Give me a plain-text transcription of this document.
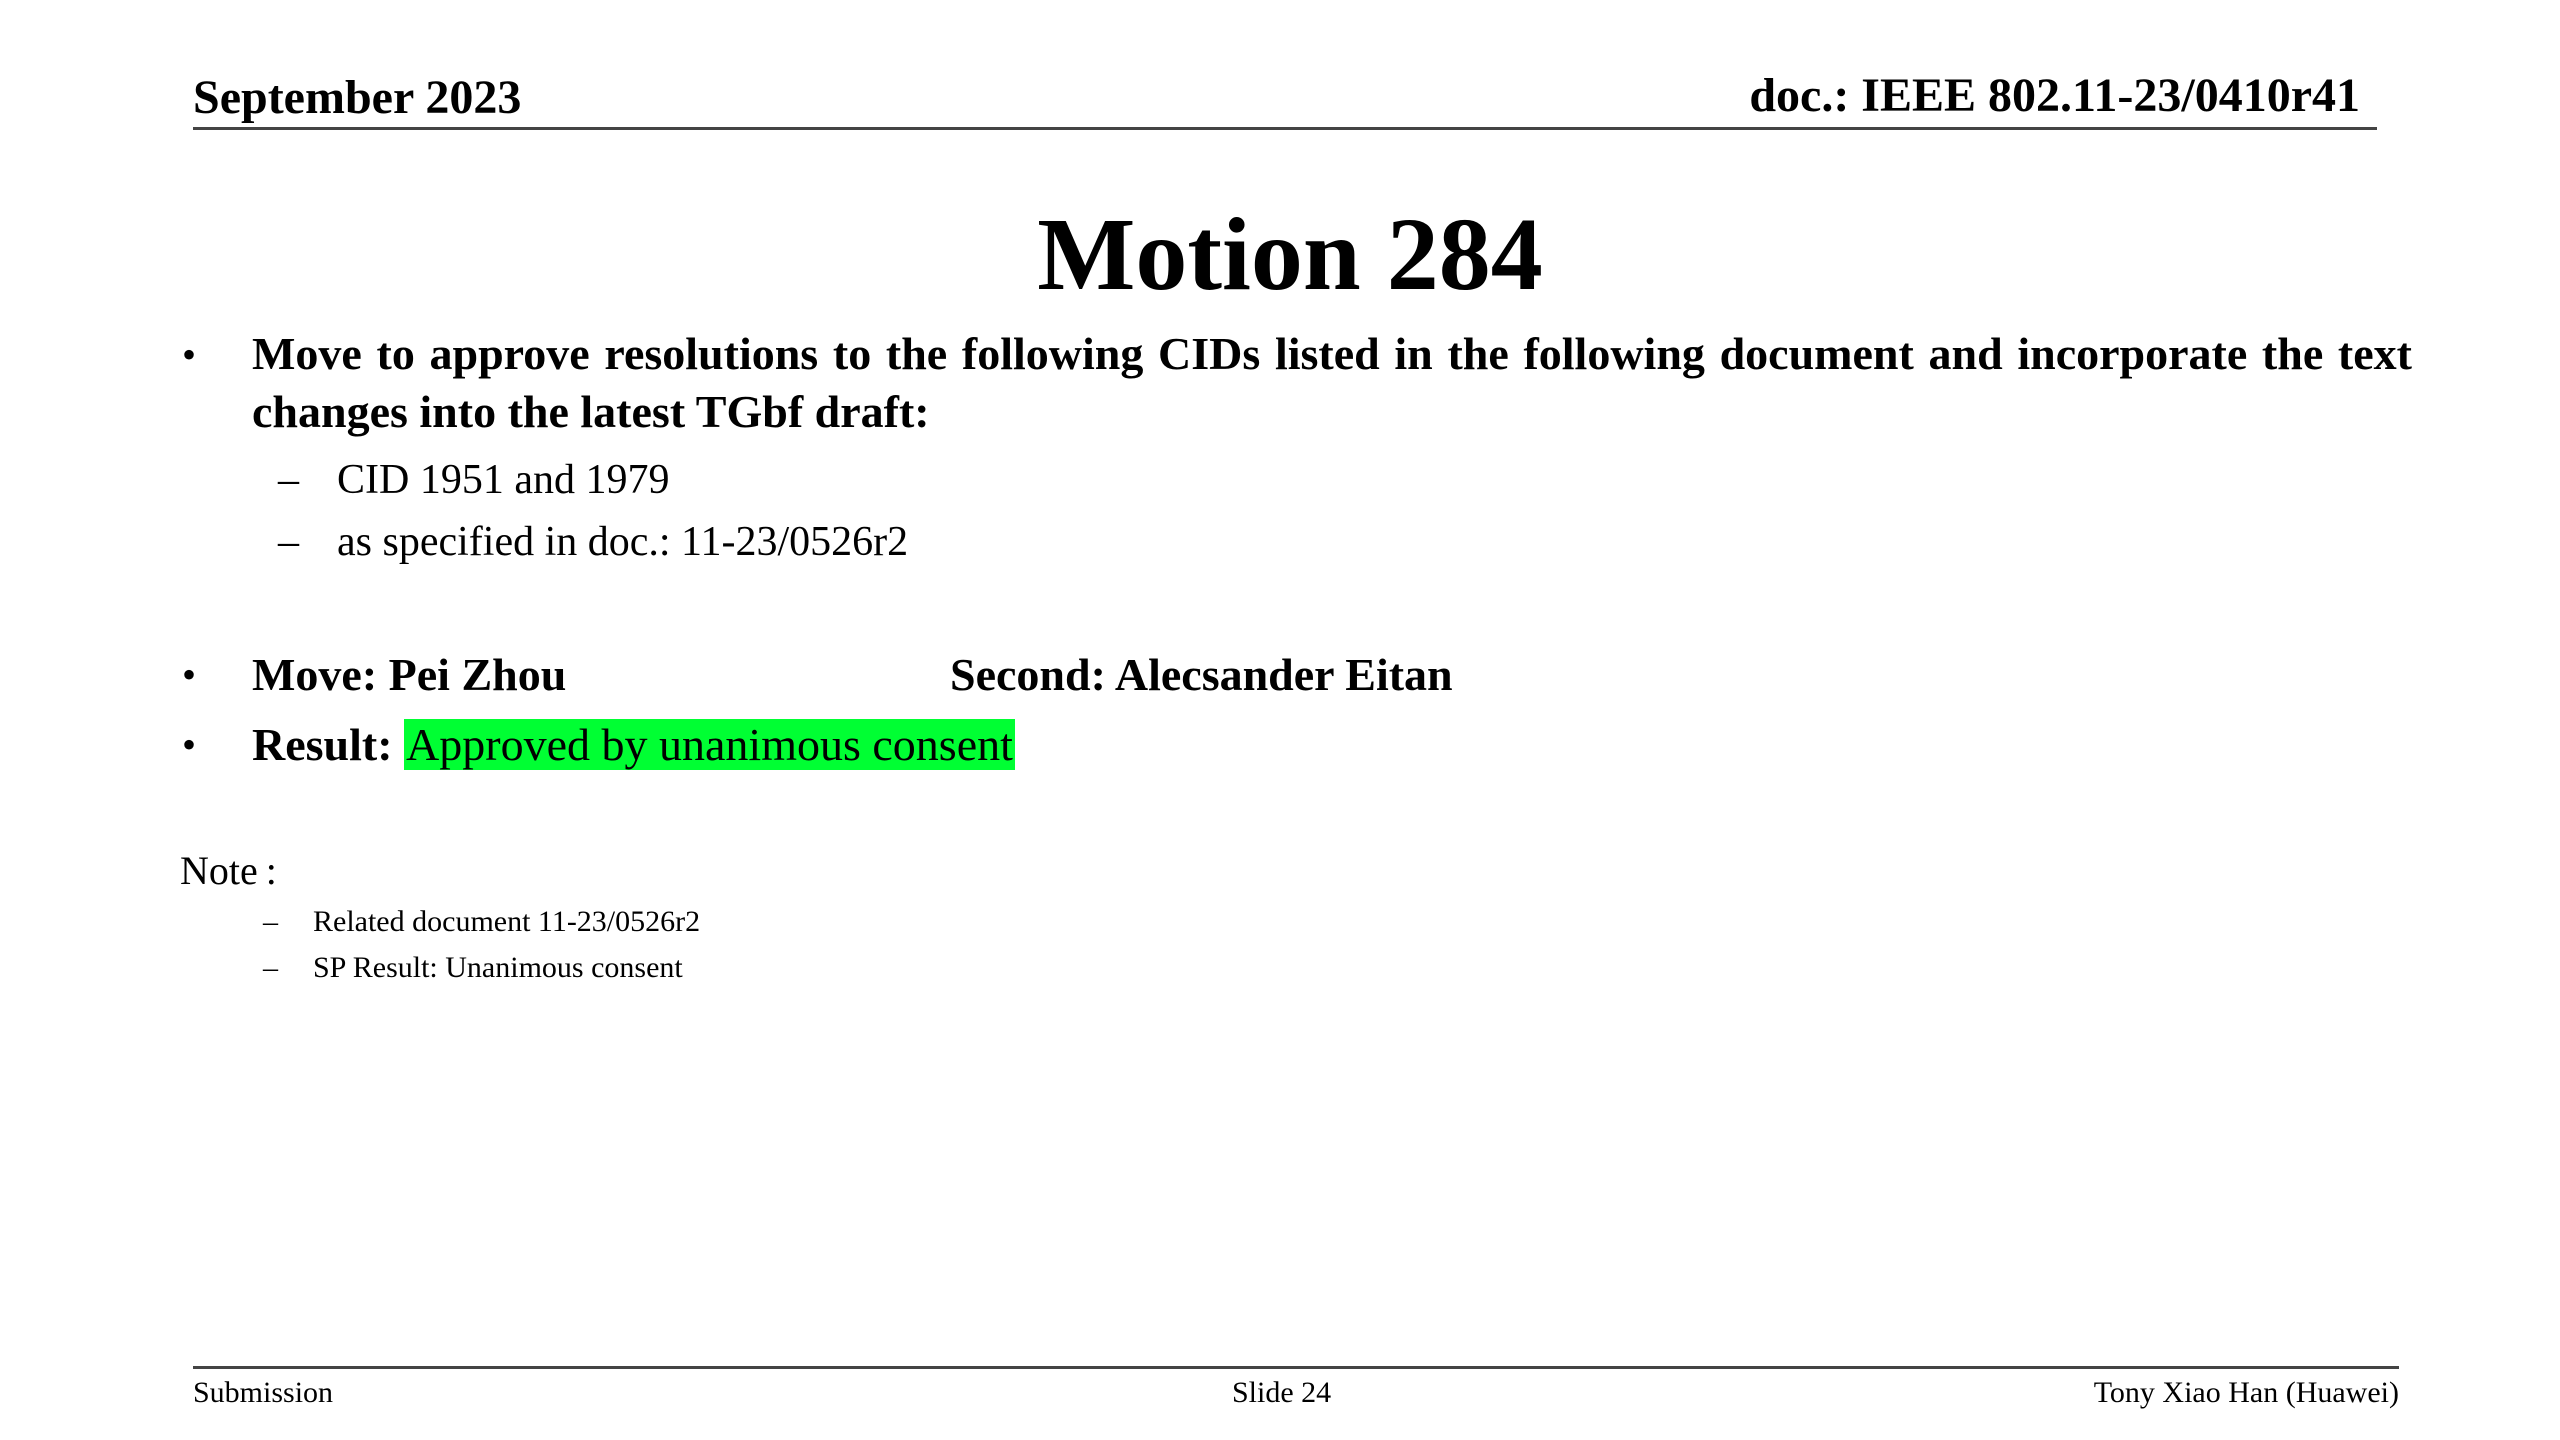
September 2023	doc.: IEEE 802.11-23/0410r41
Motion 284
• Move to approve resolutions to the following CIDs listed in the following document and incorporate the text changes into the latest TGbf draft:
– CID 1951 and 1979
– as specified in doc.: 11-23/0526r2
• Move: Pei Zhou	Second: Alecsander Eitan
• Result: Approved by unanimous consent
Note :
– Related document 11-23/0526r2
– SP Result: Unanimous consent
Submission	Slide 24	Tony Xiao Han (Huawei)
